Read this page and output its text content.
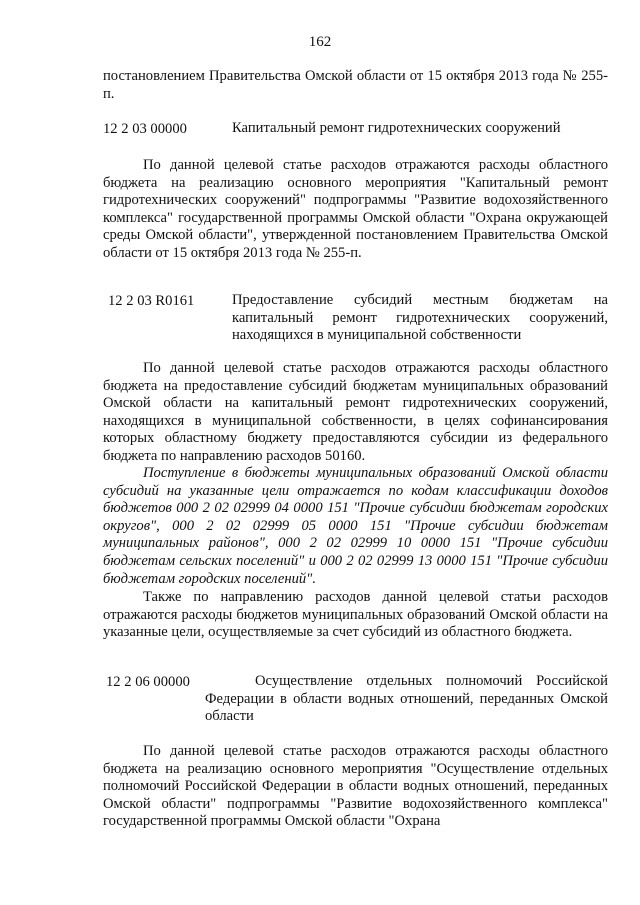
162
постановлением Правительства Омской области от 15 октября 2013 года № 255-п.
12 2 03 00000	Капитальный ремонт гидротехнических сооружений
По данной целевой статье расходов отражаются расходы областного бюджета на реализацию основного мероприятия "Капитальный ремонт гидротехнических сооружений" подпрограммы "Развитие водохозяйственного комплекса" государственной программы Омской области "Охрана окружающей среды Омской области", утвержденной постановлением Правительства Омской области от 15 октября 2013 года № 255-п.
12 2 03 R0161	Предоставление субсидий местным бюджетам на капитальный ремонт гидротехнических сооружений, находящихся в муниципальной собственности
По данной целевой статье расходов отражаются расходы областного бюджета на предоставление субсидий бюджетам муниципальных образований Омской области на капитальный ремонт гидротехнических сооружений, находящихся в муниципальной собственности, в целях софинансирования которых областному бюджету предоставляются субсидии из федерального бюджета по направлению расходов 50160.
Поступление в бюджеты муниципальных образований Омской области субсидий на указанные цели отражается по кодам классификации доходов бюджетов 000 2 02 02999 04 0000 151 "Прочие субсидии бюджетам городских округов", 000 2 02 02999 05 0000 151 "Прочие субсидии бюджетам муниципальных районов", 000 2 02 02999 10 0000 151 "Прочие субсидии бюджетам сельских поселений" и 000 2 02 02999 13 0000 151 "Прочие субсидии бюджетам городских поселений".
Также по направлению расходов данной целевой статьи расходов отражаются расходы бюджетов муниципальных образований Омской области на указанные цели, осуществляемые за счет субсидий из областного бюджета.
12 2 06 00000	Осуществление отдельных полномочий Российской Федерации в области водных отношений, переданных Омской области
По данной целевой статье расходов отражаются расходы областного бюджета на реализацию основного мероприятия "Осуществление отдельных полномочий Российской Федерации в области водных отношений, переданных Омской области" подпрограммы "Развитие водохозяйственного комплекса" государственной программы Омской области "Охрана
